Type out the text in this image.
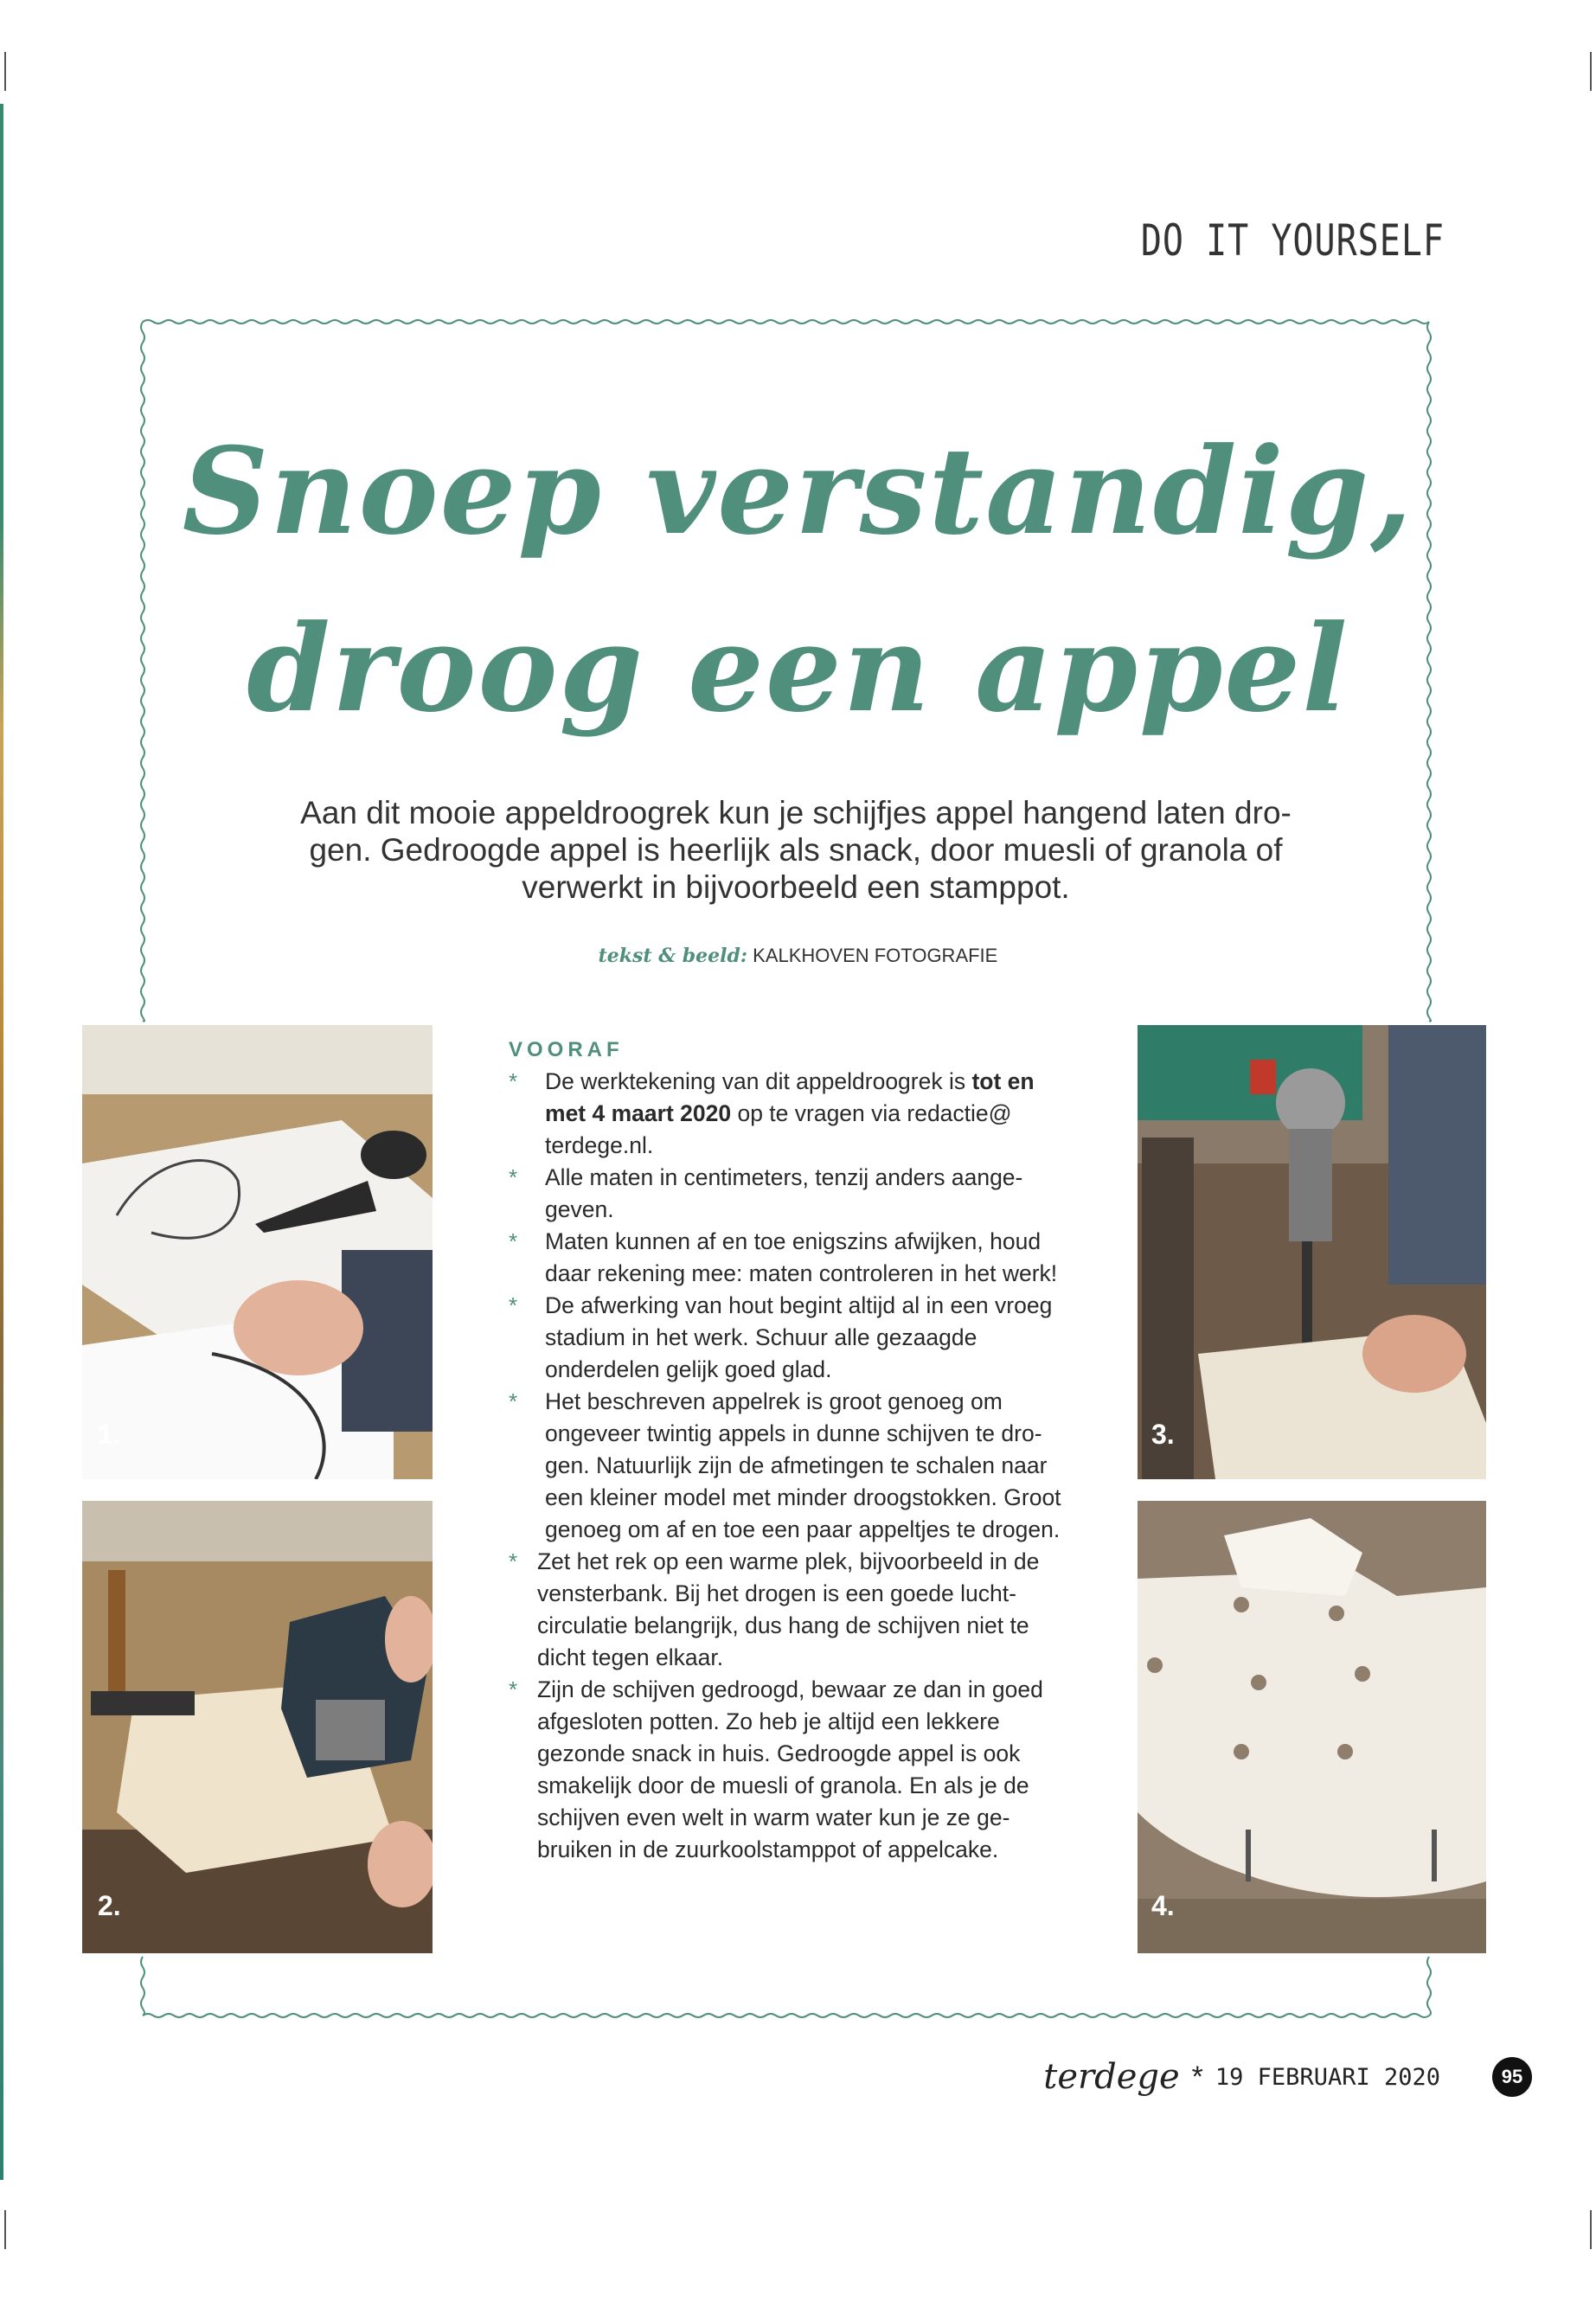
DO IT YOURSELF
Snoep verstandig,
droog een appel
Aan dit mooie appeldroogrek kun je schijfjes appel hangend laten dro-gen. Gedroogde appel is heerlijk als snack, door muesli of granola of verwerkt in bijvoorbeeld een stamppot.
tekst & beeld: KALKHOVEN FOTOGRAFIE
1.
2.
3.
4.
VOORAF
* De werktekening van dit appeldroogrek is tot en met 4 maart 2020 op te vragen via redactie@ terdege.nl.
* Alle maten in centimeters, tenzij anders aange-geven.
* Maten kunnen af en toe enigszins afwijken, houd daar rekening mee: maten controleren in het werk!
* De afwerking van hout begint altijd al in een vroeg stadium in het werk. Schuur alle gezaagde onderdelen gelijk goed glad.
* Het beschreven appelrek is groot genoeg om ongeveer twintig appels in dunne schijven te dro-gen. Natuurlijk zijn de afmetingen te schalen naar een kleiner model met minder droogstokken. Groot genoeg om af en toe een paar appeltjes te drogen.
* Zet het rek op een warme plek, bijvoorbeeld in de vensterbank. Bij het drogen is een goede lucht-circulatie belangrijk, dus hang de schijven niet te dicht tegen elkaar.
* Zijn de schijven gedroogd, bewaar ze dan in goed afgesloten potten. Zo heb je altijd een lekkere gezonde snack in huis. Gedroogde appel is ook smakelijk door de muesli of granola. En als je de schijven even welt in warm water kun je ze ge-bruiken in de zuurkoolstamppot of appelcake.
terdege * 19 FEBRUARI 2020	95
